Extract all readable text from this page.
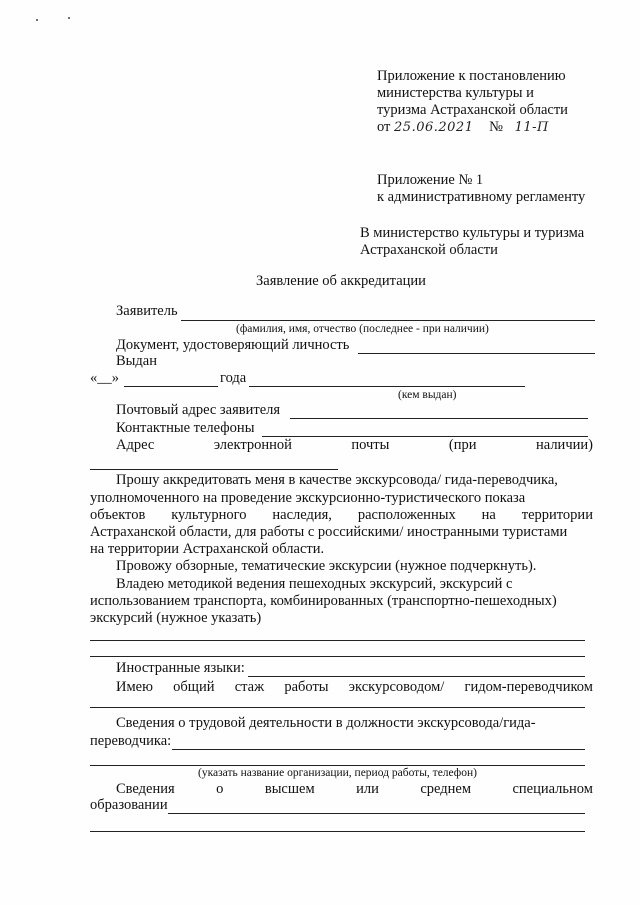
Приложение к постановлению
министерства культуры и
туризма Астраханской области
от 25.06.2021 № 11-П
Приложение № 1
к административному регламенту
В министерство культуры и туризма
Астраханской области
Заявление об аккредитации
Заявитель
(фамилия, имя, отчество (последнее - при наличии)
Документ, удостоверяющий личность
Выдан
«__»	года
(кем выдан)
Почтовый адрес заявителя
Контактные телефоны
Адрес	электронной	почты	(при	наличии)
Прошу аккредитовать меня в качестве экскурсовода/ гида-переводчика,
уполномоченного на проведение экскурсионно-туристического показа
объектов культурного наследия, расположенных на территории
Астраханской области, для работы с российскими/ иностранными туристами
на территории Астраханской области.
Провожу обзорные, тематические экскурсии (нужное подчеркнуть).
Владею методикой ведения пешеходных экскурсий, экскурсий с
использованием транспорта, комбинированных (транспортно-пешеходных)
экскурсий (нужное указать)
Иностранные языки:
Имею общий стаж работы экскурсоводом/ гидом-переводчиком
Сведения о трудовой деятельности в должности экскурсовода/гида-
переводчика:
(указать название организации, период работы, телефон)
Сведения	о	высшем	или	среднем	специальном
образовании
